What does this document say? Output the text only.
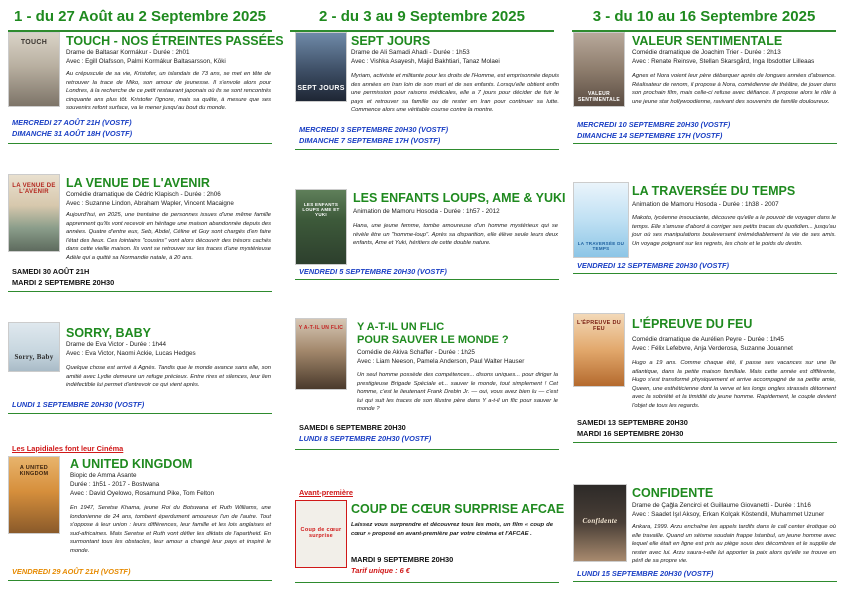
1 - du 27 Août au 2 Septembre 2025	2 - du 3 au 9 Septembre 2025	3 - du 10 au 16 Septembre 2025
TOUCH	TOUCH - NOS ÉTREINTES PASSÉES
Drame de Baltasar Kormákur - Durée : 2h01
Avec : Egill Olafsson, Palmi Kormákur Baltasarsson, Kōki
Au crépuscule de sa vie, Kristofer, un islandais de 73 ans, se met en tête de retrouver la trace de Miko, son amour de jeunesse. Il s'envole alors pour Londres, à la recherche de ce petit restaurant japonais où ils se sont rencontrés cinquante ans plus tôt. Kristofer l'ignore, mais sa quête, à mesure que ses souvenirs refont surface, va le mener jusqu'au bout du monde.
MERCREDI 27 AOÛT 21H (VOSTF)
DIMANCHE 31 AOÛT 18H (VOSTF)
LA VENUE DE L'AVENIR
LA VENUE DE L'AVENIR
Comédie dramatique de Cédric Klapisch - Durée : 2h06
Avec : Suzanne Lindon, Abraham Wapler, Vincent Macaigne
Aujourd'hui, en 2025, une trentaine de personnes issues d'une même famille apprennent qu'ils vont recevoir en héritage une maison abandonnée depuis des années. Quatre d'entre eux, Seb, Abdel, Céline et Guy sont chargés d'en faire l'état des lieux. Ces lointains "cousins" vont alors découvrir des trésors cachés dans cette vieille maison. Ils vont se retrouver sur les traces d'une mystérieuse Adèle qui a quitté sa Normandie natale, à 20 ans.
SAMEDI 30 AOÛT 21H
MARDI 2 SEPTEMBRE 20H30
Sorry, Baby
SORRY, BABY
Drame de Eva Victor - Durée : 1h44
Avec : Eva Victor, Naomi Ackie, Lucas Hedges
Quelque chose est arrivé à Agnès. Tandis que le monde avance sans elle, son amitié avec Lydie demeure un refuge précieux. Entre rires et silences, leur lien indéfectible lui permet d'entrevoir ce qui vient après.
LUNDI 1 SEPTEMBRE 20H30 (VOSTF)
Les Lapidiales font leur Cinéma
A UNITED KINGDOM
A UNITED KINGDOM
Biopic de Amma Asante
Durée : 1h51 - 2017 - Bostwana
Avec : David Oyelowo, Rosamund Pike, Tom Felton
En 1947, Seretse Khama, jeune Roi du Botswana et Ruth Williams, une londonienne de 24 ans, tombent éperdument amoureux l'un de l'autre. Tout s'oppose à leur union : leurs différences, leur famille et les lois anglaises et sud-africaines. Mais Seretse et Ruth vont défier les diktats de l'apartheid. En surmontant tous les obstacles, leur amour a changé leur pays et inspiré le monde.
VENDREDI 29 AOÛT 21H (VOSTF)
SEPT JOURS
SEPT JOURS
Drame de Ali Samadi Ahadi - Durée : 1h53
Avec : Vishka Asayesh, Majid Bakhtiari, Tanaz Molaei
Myriam, activiste et militante pour les droits de l'Homme, est emprisonnée depuis des années en Iran loin de son mari et de ses enfants. Lorsqu'elle obtient enfin une permission pour raisons médicales, elle a 7 jours pour décider de fuir le pays et retrouver sa famille ou de rester en Iran pour continuer sa lutte. Commence alors une véritable course contre la montre.
MERCREDI 3 SEPTEMBRE 20H30 (VOSTF)
DIMANCHE 7 SEPTEMBRE 17H (VOSTF)
LES ENFANTS LOUPS AME ET YUKI
LES ENFANTS LOUPS, AME & YUKI
Animation de Mamoru Hosoda - Durée : 1h57 - 2012
Hana, une jeune femme, tombe amoureuse d'un homme mystérieux qui se révèle être un "homme-loup". Après sa disparition, elle élève seule leurs deux enfants, Ame et Yuki, héritiers de cette double nature.
VENDREDI 5 SEPTEMBRE 20H30 (VOSTF)
Y A-T-IL UN FLIC Y A-T-IL UN FLIC
POUR SAUVER LE MONDE ?
Comédie de Akiva Schaffer - Durée : 1h25
Avec : Liam Neeson, Pamela Anderson, Paul Walter Hauser
Un seul homme possède des compétences... disons uniques... pour diriger la prestigieuse Brigade Spéciale et... sauver le monde, tout simplement ! Cet homme, c'est le lieutenant Frank Drebin Jr. — oui, vous avez bien lu — c'est lui qui suit les traces de son illustre père dans Y a-t-il un flic pour sauver le monde ?
SAMEDI 6 SEPTEMBRE 20H30
LUNDI 8 SEPTEMBRE 20H30 (VOSTF)
Avant-première
Coup de cœur surprise
COUP DE CŒUR SURPRISE AFCAE
Laissez vous surprendre et découvrez tous les mois, un film « coup de cœur » proposé en avant-première par votre cinéma et l'AFCAE .
MARDI 9 SEPTEMBRE 20H30
Tarif unique : 6 €
VALEUR SENTIMENTALE
VALEUR SENTIMENTALE
Comédie dramatique de Joachim Trier - Durée : 2h13
Avec : Renate Reinsve, Stellan Skarsgård, Inga Ibsdotter Lilleaas
Agnes et Nora voient leur père débarquer après de longues années d'absence. Réalisateur de renom, il propose à Nora, comédienne de théâtre, de jouer dans son prochain film, mais celle-ci refuse avec défiance. Il propose alors le rôle à une jeune star hollywoodienne, ravivant des souvenirs de famille douloureux.
MERCREDI 10 SEPTEMBRE 20H30 (VOSTF)
DIMANCHE 14 SEPTEMBRE 17H (VOSTF)
LA TRAVERSÉE DU TEMPS
LA TRAVERSÉE DU TEMPS
Animation de Mamoru Hosoda - Durée : 1h38 - 2007
Makoto, lycéenne insouciante, découvre qu'elle a le pouvoir de voyager dans le temps. Elle s'amuse d'abord à corriger ses petits tracas du quotidien... jusqu'au jour où ses manipulations bouleversent irrémédiablement la vie de ses amis. Un voyage poignant sur les regrets, les choix et le poids du destin.
VENDREDI 12 SEPTEMBRE 20H30 (VOSTF)
L'ÉPREUVE DU FEU	L'ÉPREUVE DU FEU
Comédie dramatique de Aurélien Peyre - Durée : 1h45
Avec : Félix Lefebvre, Anja Verderosa, Suzanne Jouannet
Hugo a 19 ans. Comme chaque été, il passe ses vacances sur une île atlantique, dans la petite maison familiale. Mais cette année est différente, Hugo s'est transformé physiquement et arrive accompagné de sa petite amie, Queen, une esthéticienne dont la verve et les longs ongles strassés détonnent avec la sobriété et la timidité du jeune homme. Rapidement, le couple devient l'objet de tous les regards.
SAMEDI 13 SEPTEMBRE 20H30
MARDI 16 SEPTEMBRE 20H30
Confidente
CONFIDENTE
Drame de Çağla Zencirci et Guillaume Giovanetti - Durée : 1h16
Avec : Saadet Işıl Aksoy, Erkan Kolçak Köstendil, Muhammet Uzuner
Ankara, 1999. Arzu enchaîne les appels tardifs dans le call center érotique où elle travaille. Quand un séisme soudain frappe Istanbul, un jeune homme avec lequel elle était en ligne est pris au piège sous des décombres et le supplie de rester avec lui. Arzu saura-t-elle lui apporter la paix alors qu'elle se trouve en péril de sa propre vie.
LUNDI 15 SEPTEMBRE 20H30 (VOSTF)
